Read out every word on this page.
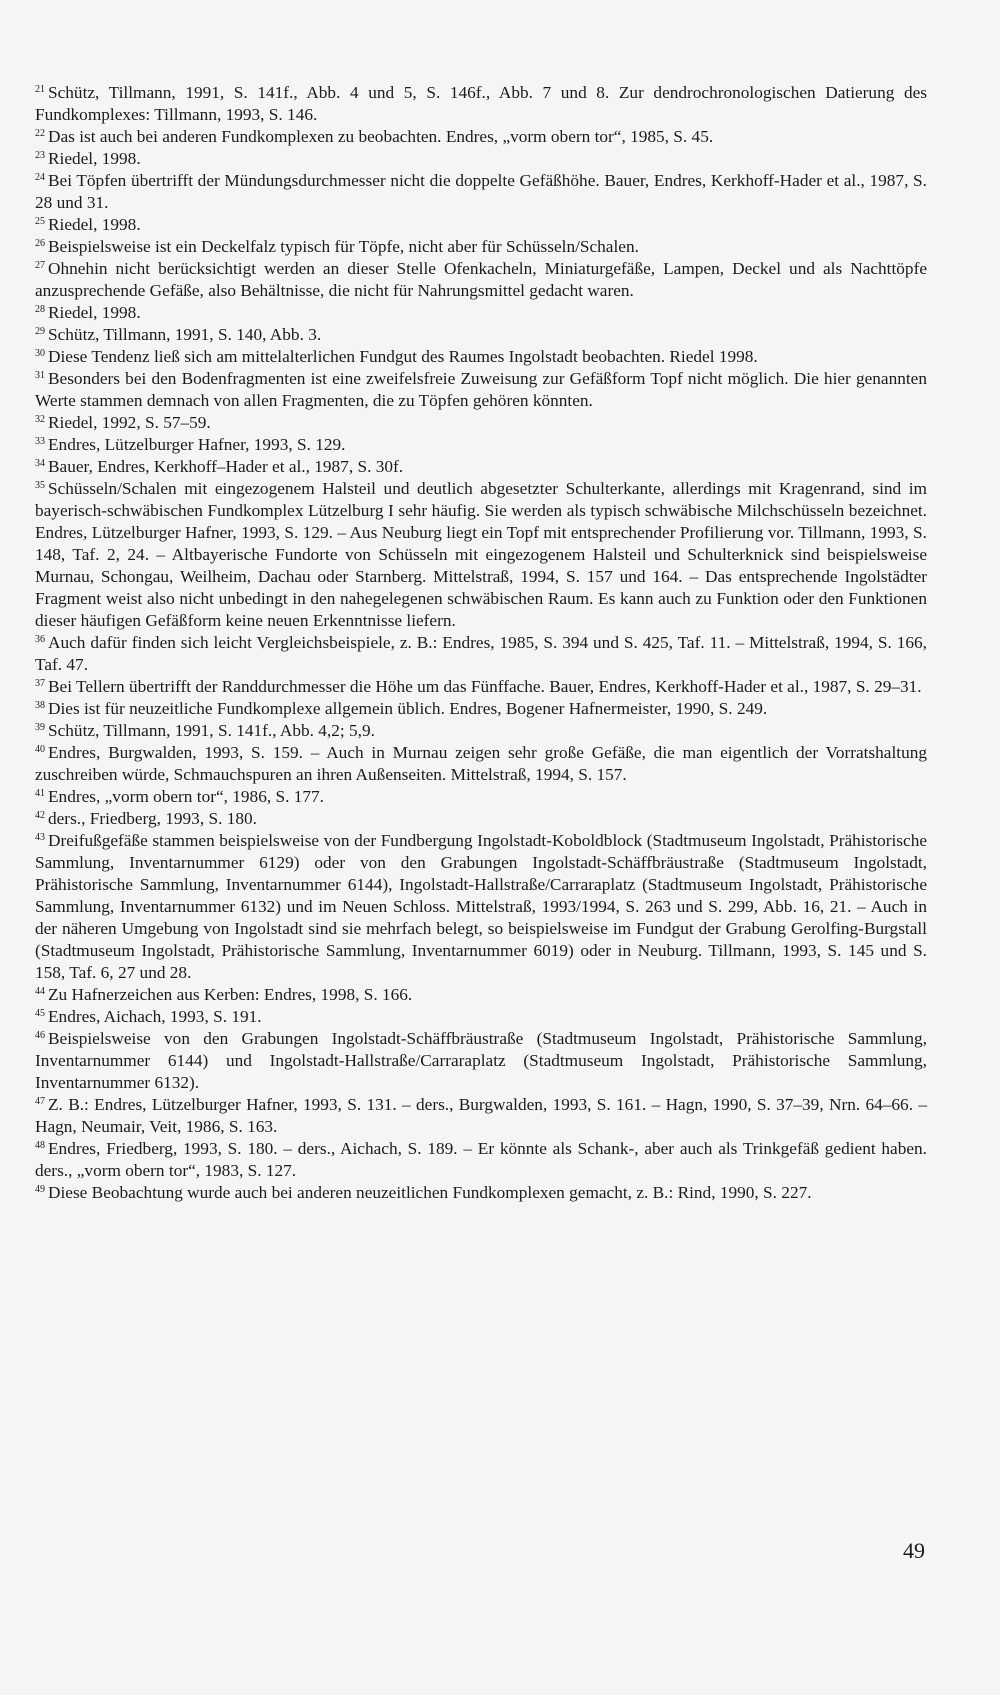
$^{21}$ Schütz, Tillmann, 1991, S. 141f., Abb. 4 und 5, S. 146f., Abb. 7 und 8. Zur dendrochronologischen Datierung des Fundkomplexes: Tillmann, 1993, S. 146.

$^{22}$ Das ist auch bei anderen Fundkomplexen zu beobachten. Endres, „vorm obern tor“, 1985, S. 45.

$^{23}$ Riedel, 1998.

$^{24}$ Bei Töpfen übertrifft der Mündungsdurchmesser nicht die doppelte Gefäßhöhe. Bauer, Endres, Kerkhoff-Hader et al., 1987, S. 28 und 31.

$^{25}$ Riedel, 1998.

$^{26}$ Beispielsweise ist ein Deckelfalz typisch für Töpfe, nicht aber für Schüsseln/Schalen.

$^{27}$ Ohnehin nicht berücksichtigt werden an dieser Stelle Ofenkacheln, Miniaturgefäße, Lampen, Deckel und als Nachttöpfe anzusprechende Gefäße, also Behältnisse, die nicht für Nahrungsmittel gedacht waren.

$^{28}$ Riedel, 1998.

$^{29}$ Schütz, Tillmann, 1991, S. 140, Abb. 3.

$^{30}$ Diese Tendenz ließ sich am mittelalterlichen Fundgut des Raumes Ingolstadt beobachten. Riedel 1998.

$^{31}$ Besonders bei den Bodenfragmenten ist eine zweifelsfreie Zuweisung zur Gefäßform Topf nicht möglich. Die hier genannten Werte stammen demnach von allen Fragmenten, die zu Töpfen gehören könnten.

$^{32}$ Riedel, 1992, S. 57–59.

$^{33}$ Endres, Lützelburger Hafner, 1993, S. 129.

$^{34}$ Bauer, Endres, Kerkhoff–Hader et al., 1987, S. 30f.

$^{35}$ Schüsseln/Schalen mit eingezogenem Halsteil und deutlich abgesetzter Schulterkante, allerdings mit Kragenrand, sind im bayerisch-schwäbischen Fundkomplex Lützelburg I sehr häufig. Sie werden als typisch schwäbische Milchschüsseln bezeichnet. Endres, Lützelburger Hafner, 1993, S. 129. – Aus Neuburg liegt ein Topf mit entsprechender Profilierung vor. Tillmann, 1993, S. 148, Taf. 2, 24. – Altbayerische Fundorte von Schüsseln mit eingezogenem Halsteil und Schulterknick sind beispielsweise Murnau, Schongau, Weilheim, Dachau oder Starnberg. Mittelstraß, 1994, S. 157 und 164. – Das entsprechende Ingolstädter Fragment weist also nicht unbedingt in den nahegelegenen schwäbischen Raum. Es kann auch zu Funktion oder den Funktionen dieser häufigen Gefäßform keine neuen Erkenntnisse liefern.

$^{36}$ Auch dafür finden sich leicht Vergleichsbeispiele, z. B.: Endres, 1985, S. 394 und S. 425, Taf. 11. – Mittelstraß, 1994, S. 166, Taf. 47.

$^{37}$ Bei Tellern übertrifft der Randdurchmesser die Höhe um das Fünffache. Bauer, Endres, Kerkhoff-Hader et al., 1987, S. 29–31.

$^{38}$ Dies ist für neuzeitliche Fundkomplexe allgemein üblich. Endres, Bogener Hafnermeister, 1990, S. 249.

$^{39}$ Schütz, Tillmann, 1991, S. 141f., Abb. 4,2; 5,9.

$^{40}$ Endres, Burgwalden, 1993, S. 159. – Auch in Murnau zeigen sehr große Gefäße, die man eigentlich der Vorratshaltung zuschreiben würde, Schmauchspuren an ihren Außenseiten. Mittelstraß, 1994, S. 157.

$^{41}$ Endres, „vorm obern tor“, 1986, S. 177.

$^{42}$ ders., Friedberg, 1993, S. 180.

$^{43}$ Dreifußgefäße stammen beispielsweise von der Fundbergung Ingolstadt-Koboldblock (Stadtmuseum Ingolstadt, Prähistorische Sammlung, Inventarnummer 6129) oder von den Grabungen Ingolstadt-Schäffbräustraße (Stadtmuseum Ingolstadt, Prähistorische Sammlung, Inventarnummer 6144), Ingolstadt-Hallstraße/Carraraplatz (Stadtmuseum Ingolstadt, Prähistorische Sammlung, Inventarnummer 6132) und im Neuen Schloss. Mittelstraß, 1993/1994, S. 263 und S. 299, Abb. 16, 21. – Auch in der näheren Umgebung von Ingolstadt sind sie mehrfach belegt, so beispielsweise im Fundgut der Grabung Gerolfing-Burgstall (Stadtmuseum Ingolstadt, Prähistorische Sammlung, Inventarnummer 6019) oder in Neuburg. Tillmann, 1993, S. 145 und S. 158, Taf. 6, 27 und 28.

$^{44}$ Zu Hafnerzeichen aus Kerben: Endres, 1998, S. 166.

$^{45}$ Endres, Aichach, 1993, S. 191.

$^{46}$ Beispielsweise von den Grabungen Ingolstadt-Schäffbräustraße (Stadtmuseum Ingolstadt, Prähistorische Sammlung, Inventarnummer 6144) und Ingolstadt-Hallstraße/Carraraplatz (Stadtmuseum Ingolstadt, Prähistorische Sammlung, Inventarnummer 6132).

$^{47}$ Z. B.: Endres, Lützelburger Hafner, 1993, S. 131. – ders., Burgwalden, 1993, S. 161. – Hagn, 1990, S. 37–39, Nrn. 64–66. – Hagn, Neumair, Veit, 1986, S. 163.

$^{48}$ Endres, Friedberg, 1993, S. 180. – ders., Aichach, S. 189. – Er könnte als Schank-, aber auch als Trinkgefäß gedient haben. ders., „vorm obern tor“, 1983, S. 127.

$^{49}$ Diese Beobachtung wurde auch bei anderen neuzeitlichen Fundkomplexen gemacht, z. B.: Rind, 1990, S. 227.

49
